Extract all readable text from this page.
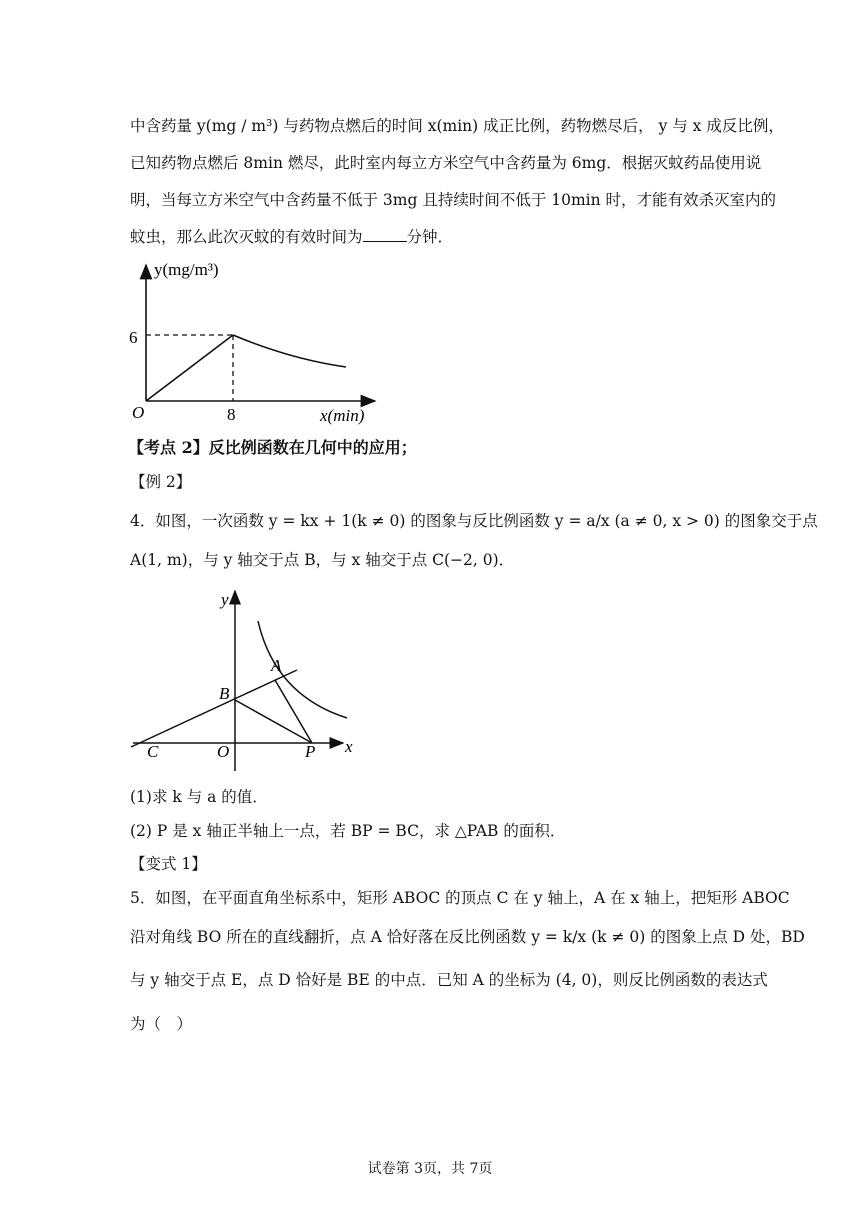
中含药量 y(mg / m³) 与药物点燃后的时间 x(min) 成正比例，药物燃尽后， y 与 x 成反比例，
已知药物点燃后 8min 燃尽，此时室内每立方米空气中含药量为 6mg．根据灭蚊药品使用说
明，当每立方米空气中含药量不低于 3mg 且持续时间不低于 10min 时，才能有效杀灭室内的
蚊虫，那么此次灭蚊的有效时间为	分钟．
y(mg/m³)
x(min)
O
6
8
【考点 2】反比例函数在几何中的应用；
【例 2】
4．如图，一次函数 y = kx + 1(k ≠ 0) 的图象与反比例函数 y = a/x (a ≠ 0, x > 0) 的图象交于点
A(1, m)，与 y 轴交于点 B，与 x 轴交于点 C(−2, 0)．
y
x
A
B
C	O	P
(1)求 k 与 a 的值．
(2) P 是 x 轴正半轴上一点，若 BP = BC，求 △PAB 的面积．
【变式 1】
5．如图，在平面直角坐标系中，矩形 ABOC 的顶点 C 在 y 轴上，A 在 x 轴上，把矩形 ABOC
沿对角线 BO 所在的直线翻折，点 A 恰好落在反比例函数 y = k/x (k ≠ 0) 的图象上点 D 处，BD
与 y 轴交于点 E，点 D 恰好是 BE 的中点．已知 A 的坐标为 (4, 0)，则反比例函数的表达式
为（　）
试卷第 3页，共 7页
